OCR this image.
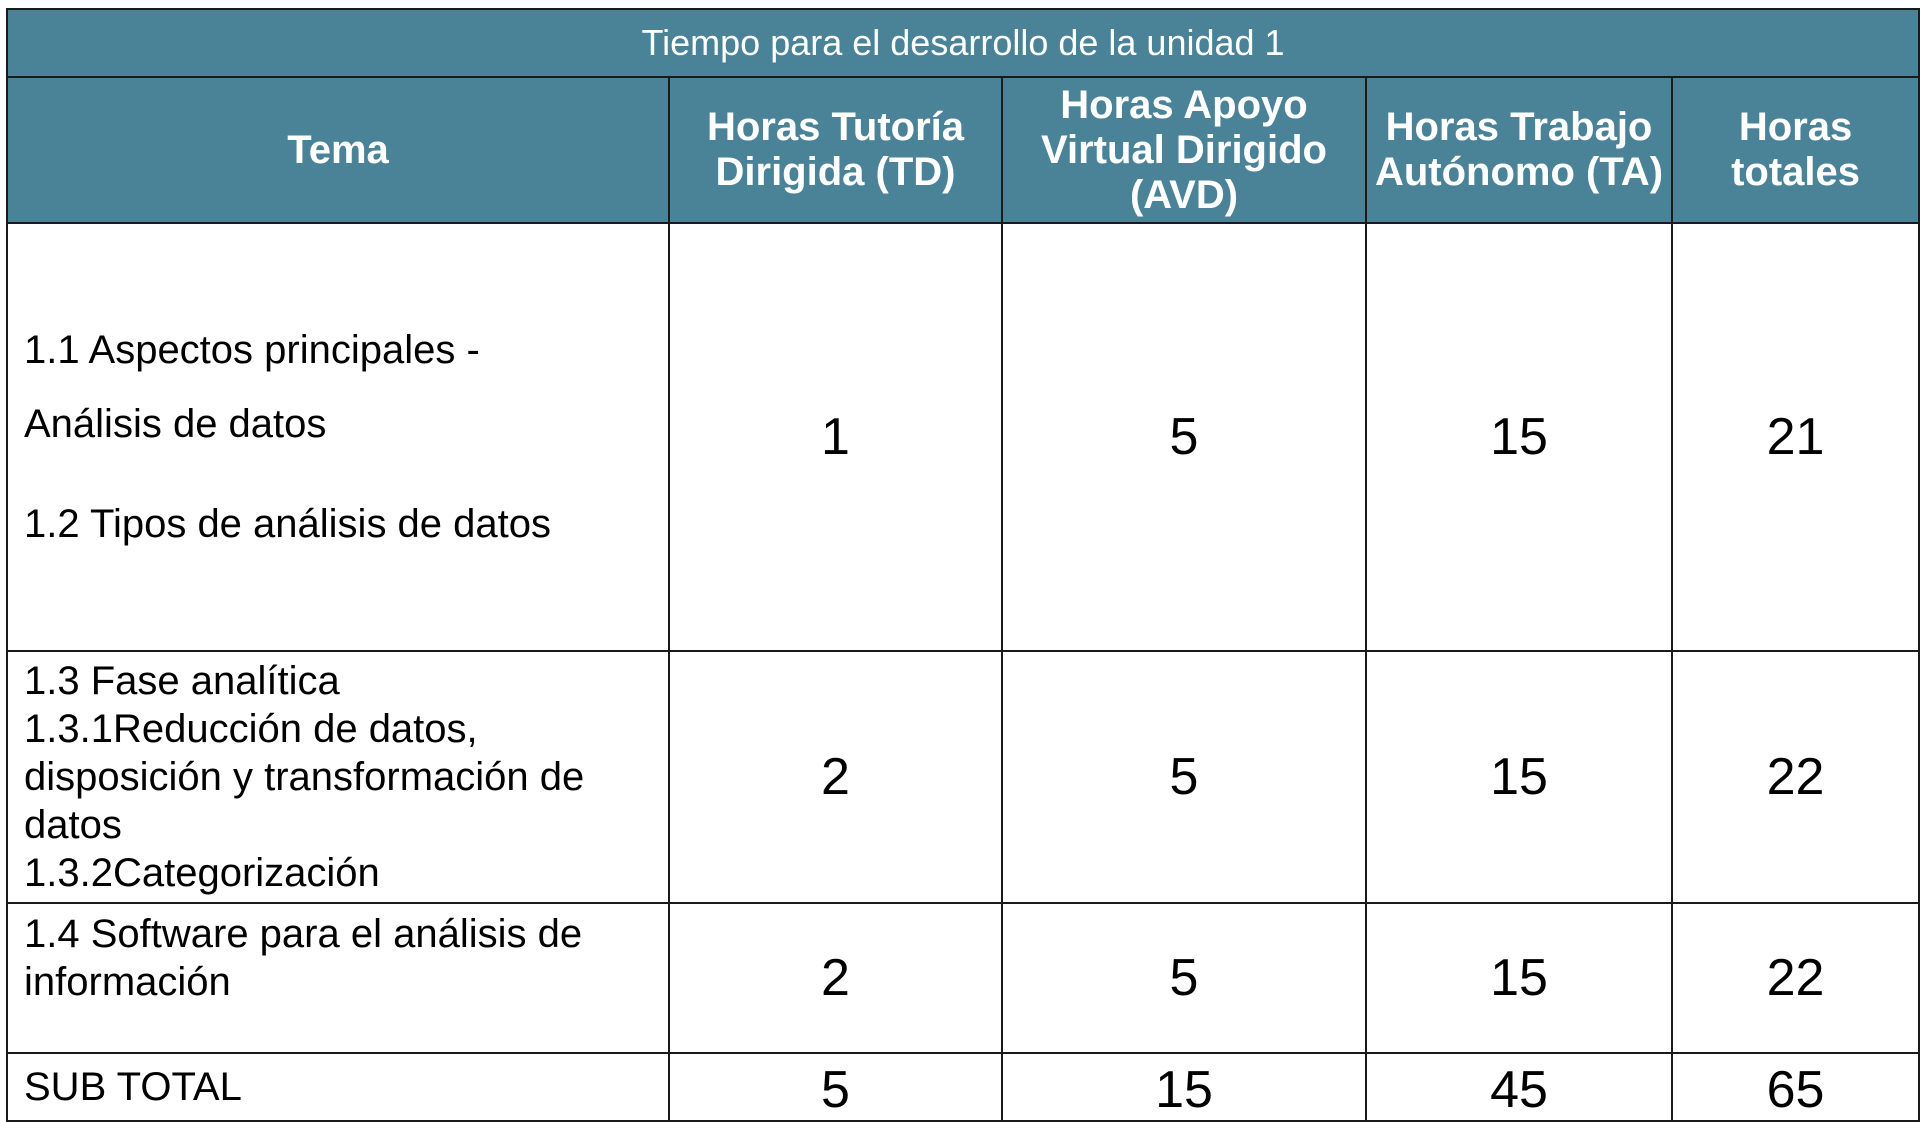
Tiempo para el desarrollo de la unidad 1				
Tema	Horas Tutoría Dirigida (TD)	Horas Apoyo Virtual Dirigido (AVD)	Horas Trabajo Autónomo (TA)	Horas totales

1.1 Aspectos principales -
Análisis de datos
1.2 Tipos de análisis de datos	1	5	15	21

1.3 Fase analítica
1.3.1Reducción de datos, disposición y transformación de datos
1.3.2Categorización	2	5	15	22

1.4 Software para el análisis de información	2	5	15	22
SUB TOTAL	5	15	45	65
